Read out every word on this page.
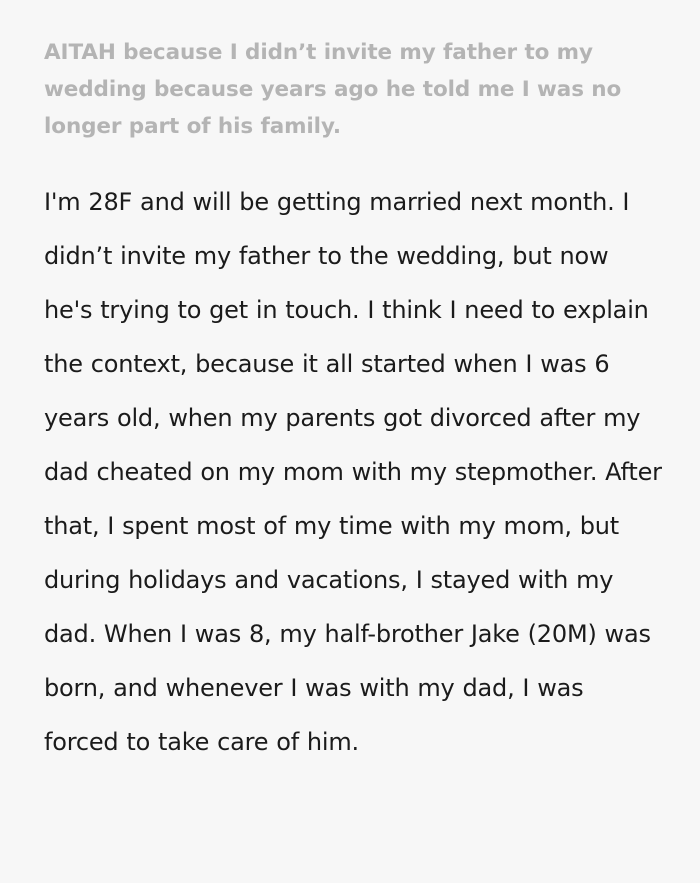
AITAH because I didn’t invite my father to my wedding because years ago he told me I was no longer part of his family.

I'm 28F and will be getting married next month. I didn’t invite my father to the wedding, but now he's trying to get in touch. I think I need to explain the context, because it all started when I was 6 years old, when my parents got divorced after my dad cheated on my mom with my stepmother. After that, I spent most of my time with my mom, but during holidays and vacations, I stayed with my dad. When I was 8, my half-brother Jake (20M) was born, and whenever I was with my dad, I was forced to take care of him.
